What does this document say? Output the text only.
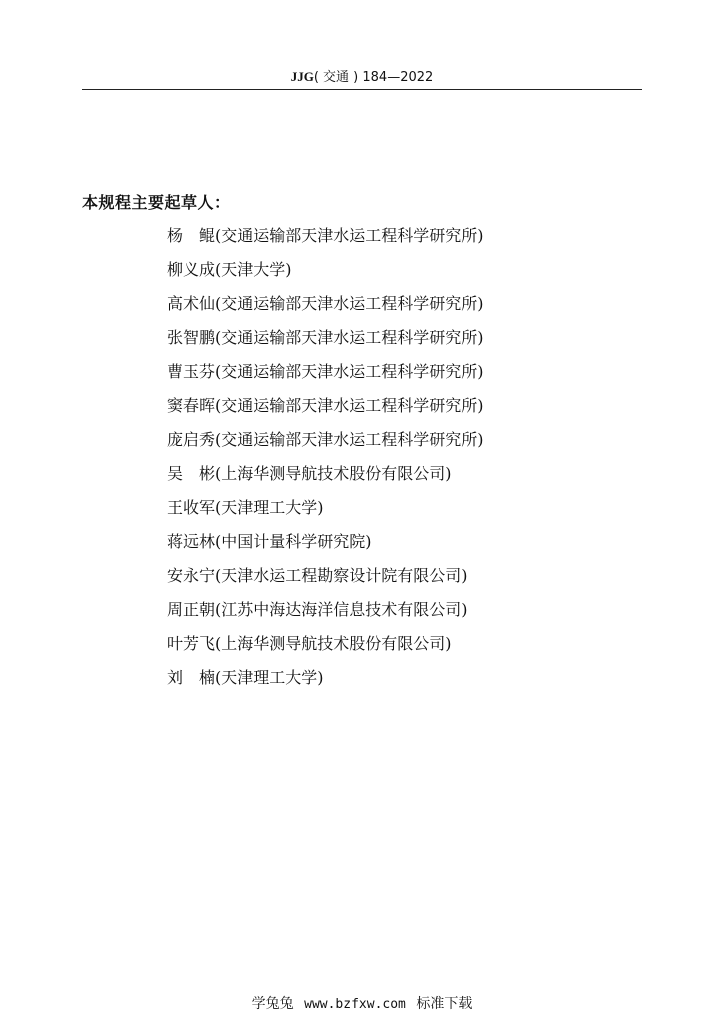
JJG( 交通 ) 184—2022
本规程主要起草人：
杨鲲(交通运输部天津水运工程科学研究所)
柳义成(天津大学)
高术仙(交通运输部天津水运工程科学研究所)
张智鹏(交通运输部天津水运工程科学研究所)
曹玉芬(交通运输部天津水运工程科学研究所)
窦春晖(交通运输部天津水运工程科学研究所)
庞启秀(交通运输部天津水运工程科学研究所)
吴彬(上海华测导航技术股份有限公司)
王收军(天津理工大学)
蒋远林(中国计量科学研究院)
安永宁(天津水运工程勘察设计院有限公司)
周正朝(江苏中海达海洋信息技术有限公司)
叶芳飞(上海华测导航技术股份有限公司)
刘楠(天津理工大学)
学兔兔 www.bzfxw.com 标准下载
